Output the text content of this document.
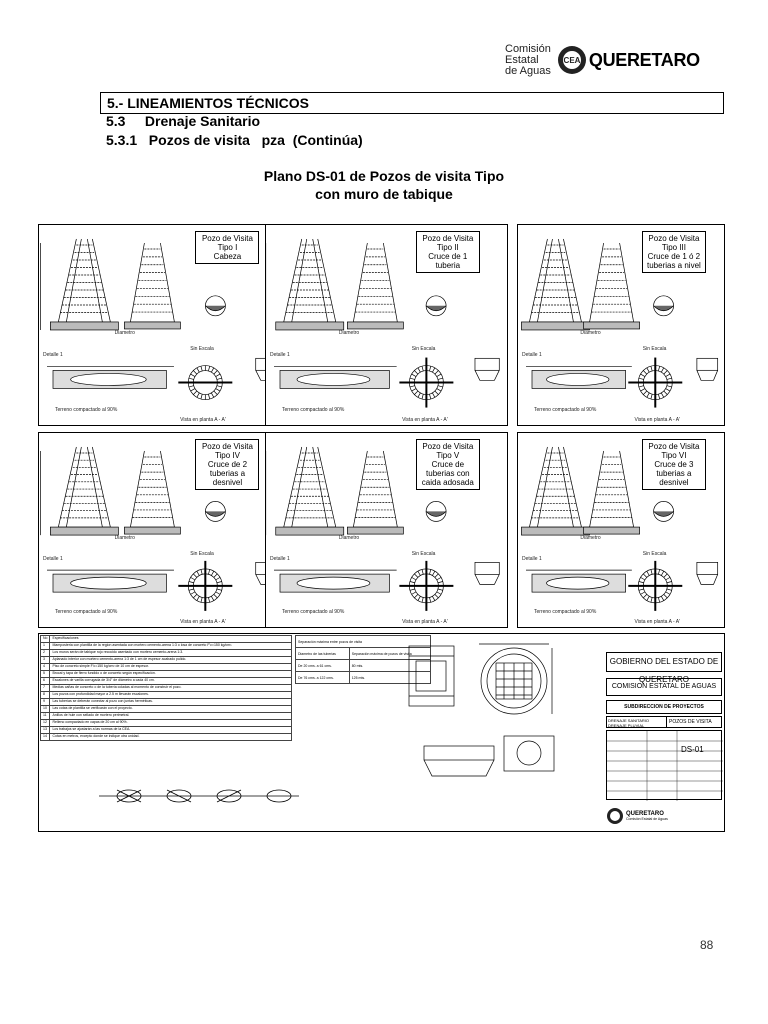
Comisión
Estatal
de Aguas
CEA QUERETARO
5.- LINEAMIENTOS TÉCNICOS
5.3     Drenaje Sanitario
5.3.1   Pozos de visita   pza  (Continúa)
Plano DS-01 de Pozos de visita Tipo
con muro de tabique
Pozo de Visita
Tipo I
Cabeza
Detalle 1
Terreno compactado al 90%
Vista en planta A - A'
Sin Escala
Diametro
Pozo de Visita
Tipo II
Cruce de 1
tuberia
Detalle 1
Terreno compactado al 90%
Vista en planta A - A'
Sin Escala
Diametro
Pozo de Visita
Tipo III
Cruce de 1 ó 2
tuberias a nivel
Detalle 1
Terreno compactado al 90%
Vista en planta A - A'
Sin Escala
Diametro
Pozo de Visita
Tipo IV
Cruce de 2
tuberias a
desnivel
Detalle 1
Terreno compactado al 90%
Vista en planta A - A'
Sin Escala
Diametro
Pozo de Visita
Tipo V
Cruce de
tuberias con
caida adosada
Detalle 1
Terreno compactado al 90%
Vista en planta A - A'
Sin Escala
Diametro
Pozo de Visita
Tipo VI
Cruce de 3
tuberias a
desnivel
Detalle 1
Terreno compactado al 90%
Vista en planta A - A'
Sin Escala
Diametro
No	Especificaciones
1	Mamposteria con plantilla de la region asentada con mortero cemento-arena 1:3 o losa de concreto F'c=150 kg/cm².
2	Los muros serán de tabique rojo recocido asentado con mortero cemento-arena 1:3.
3	Aplanado interior con mortero cemento-arena 1:3 de 1 cm de espesor acabado pulido.
4	Piso de concreto simple F'c=150 kg/cm² de 10 cm de espesor.
5	Brocal y tapa de fierro fundido o de concreto según especificación.
6	Escalones de varilla corrugada de 3/4" de diámetro a cada 40 cm.
7	Medias cañas de concreto o de la tubería coladas al momento de construir el pozo.
8	Los pozos con profundidad mayor a 2.5 m llevarán escalones.
9	Las tuberías se deberán conectar al pozo con juntas herméticas.
10	Las cotas de plantilla se verificarán con el proyecto.
11	Anillos de hule con sellado de mortero perimetral.
12	Relleno compactado en capas de 20 cm al 90%.
13	Los trabajos se ajustarán a las normas de la CEA.
14	Cotas en metros, excepto donde se indique otra unidad.
Separación máxima entre pozos de visita	
Diametro de las tuberias	Separación máxima de pozos de visita
De 20 cms. a 61 cms.	80 mts.
De 76 cms. a 122 cms.	125 mts.
GOBIERNO DEL ESTADO DE QUERETARO
COMISION ESTATAL DE AGUAS
SUBDIRECCION DE PROYECTOS
DRENAJE SANITARIO DRENAJE PLUVIAL
POZOS DE VISITA
DS-01
QUERETARO
Comisión Estatal de Aguas
88
